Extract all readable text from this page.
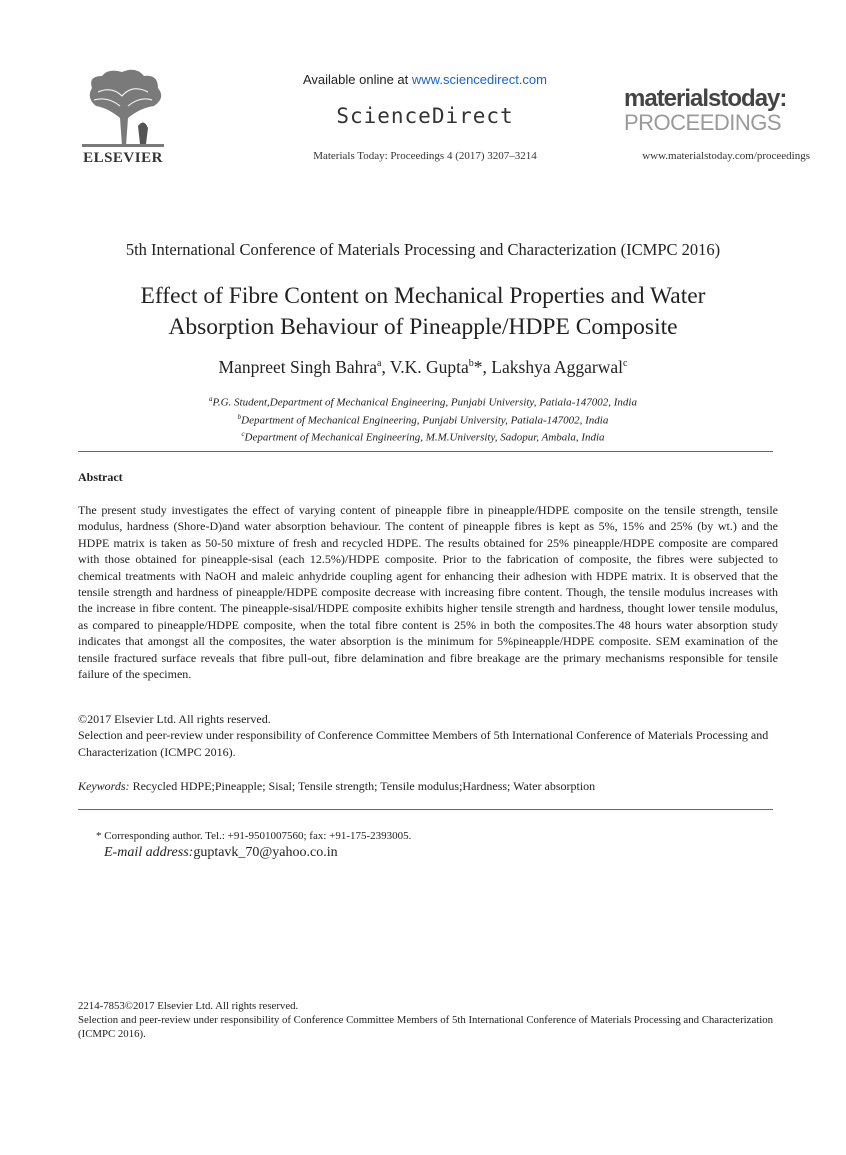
ELSEVIER
Available online at www.sciencedirect.com
ScienceDirect
Materials Today: Proceedings 4 (2017) 3207–3214
materialstoday:
PROCEEDINGS
www.materialstoday.com/proceedings
5th International Conference of Materials Processing and Characterization (ICMPC 2016)
Effect of Fibre Content on Mechanical Properties and Water
Absorption Behaviour of Pineapple/HDPE Composite
Manpreet Singh Bahra$^a$, V.K. Gupta$^b$*, Lakshya Aggarwal$^c$
$^a$P.G. Student,Department of Mechanical Engineering, Punjabi University, Patiala-147002, India
$^b$Department of Mechanical Engineering, Punjabi University, Patiala-147002, India
$^c$Department of Mechanical Engineering, M.M.University, Sadopur, Ambala, India
Abstract
The present study investigates the effect of varying content of pineapple fibre in pineapple/HDPE composite on the tensile strength, tensile modulus, hardness (Shore-D)and water absorption behaviour. The content of pineapple fibres is kept as 5%, 15% and 25% (by wt.) and the HDPE matrix is taken as 50-50 mixture of fresh and recycled HDPE. The results obtained for 25% pineapple/HDPE composite are compared with those obtained for pineapple-sisal (each 12.5%)/HDPE composite. Prior to the fabrication of composite, the fibres were subjected to chemical treatments with NaOH and maleic anhydride coupling agent for enhancing their adhesion with HDPE matrix. It is observed that the tensile strength and hardness of pineapple/HDPE composite decrease with increasing fibre content. Though, the tensile modulus increases with the increase in fibre content. The pineapple-sisal/HDPE composite exhibits higher tensile strength and hardness, thought lower tensile modulus, as compared to pineapple/HDPE composite, when the total fibre content is 25% in both the composites.The 48 hours water absorption study indicates that amongst all the composites, the water absorption is the minimum for 5%pineapple/HDPE composite. SEM examination of the tensile fractured surface reveals that fibre pull-out, fibre delamination and fibre breakage are the primary mechanisms responsible for tensile failure of the specimen.
©2017 Elsevier Ltd. All rights reserved.
Selection and peer-review under responsibility of Conference Committee Members of 5th International Conference of Materials Processing and Characterization (ICMPC 2016).
Keywords: Recycled HDPE;Pineapple; Sisal; Tensile strength; Tensile modulus;Hardness; Water absorption
* Corresponding author. Tel.: +91-9501007560; fax: +91-175-2393005.
E-mail address:guptavk_70@yahoo.co.in
2214-7853©2017 Elsevier Ltd. All rights reserved.
Selection and peer-review under responsibility of Conference Committee Members of 5th International Conference of Materials Processing and Characterization (ICMPC 2016).
